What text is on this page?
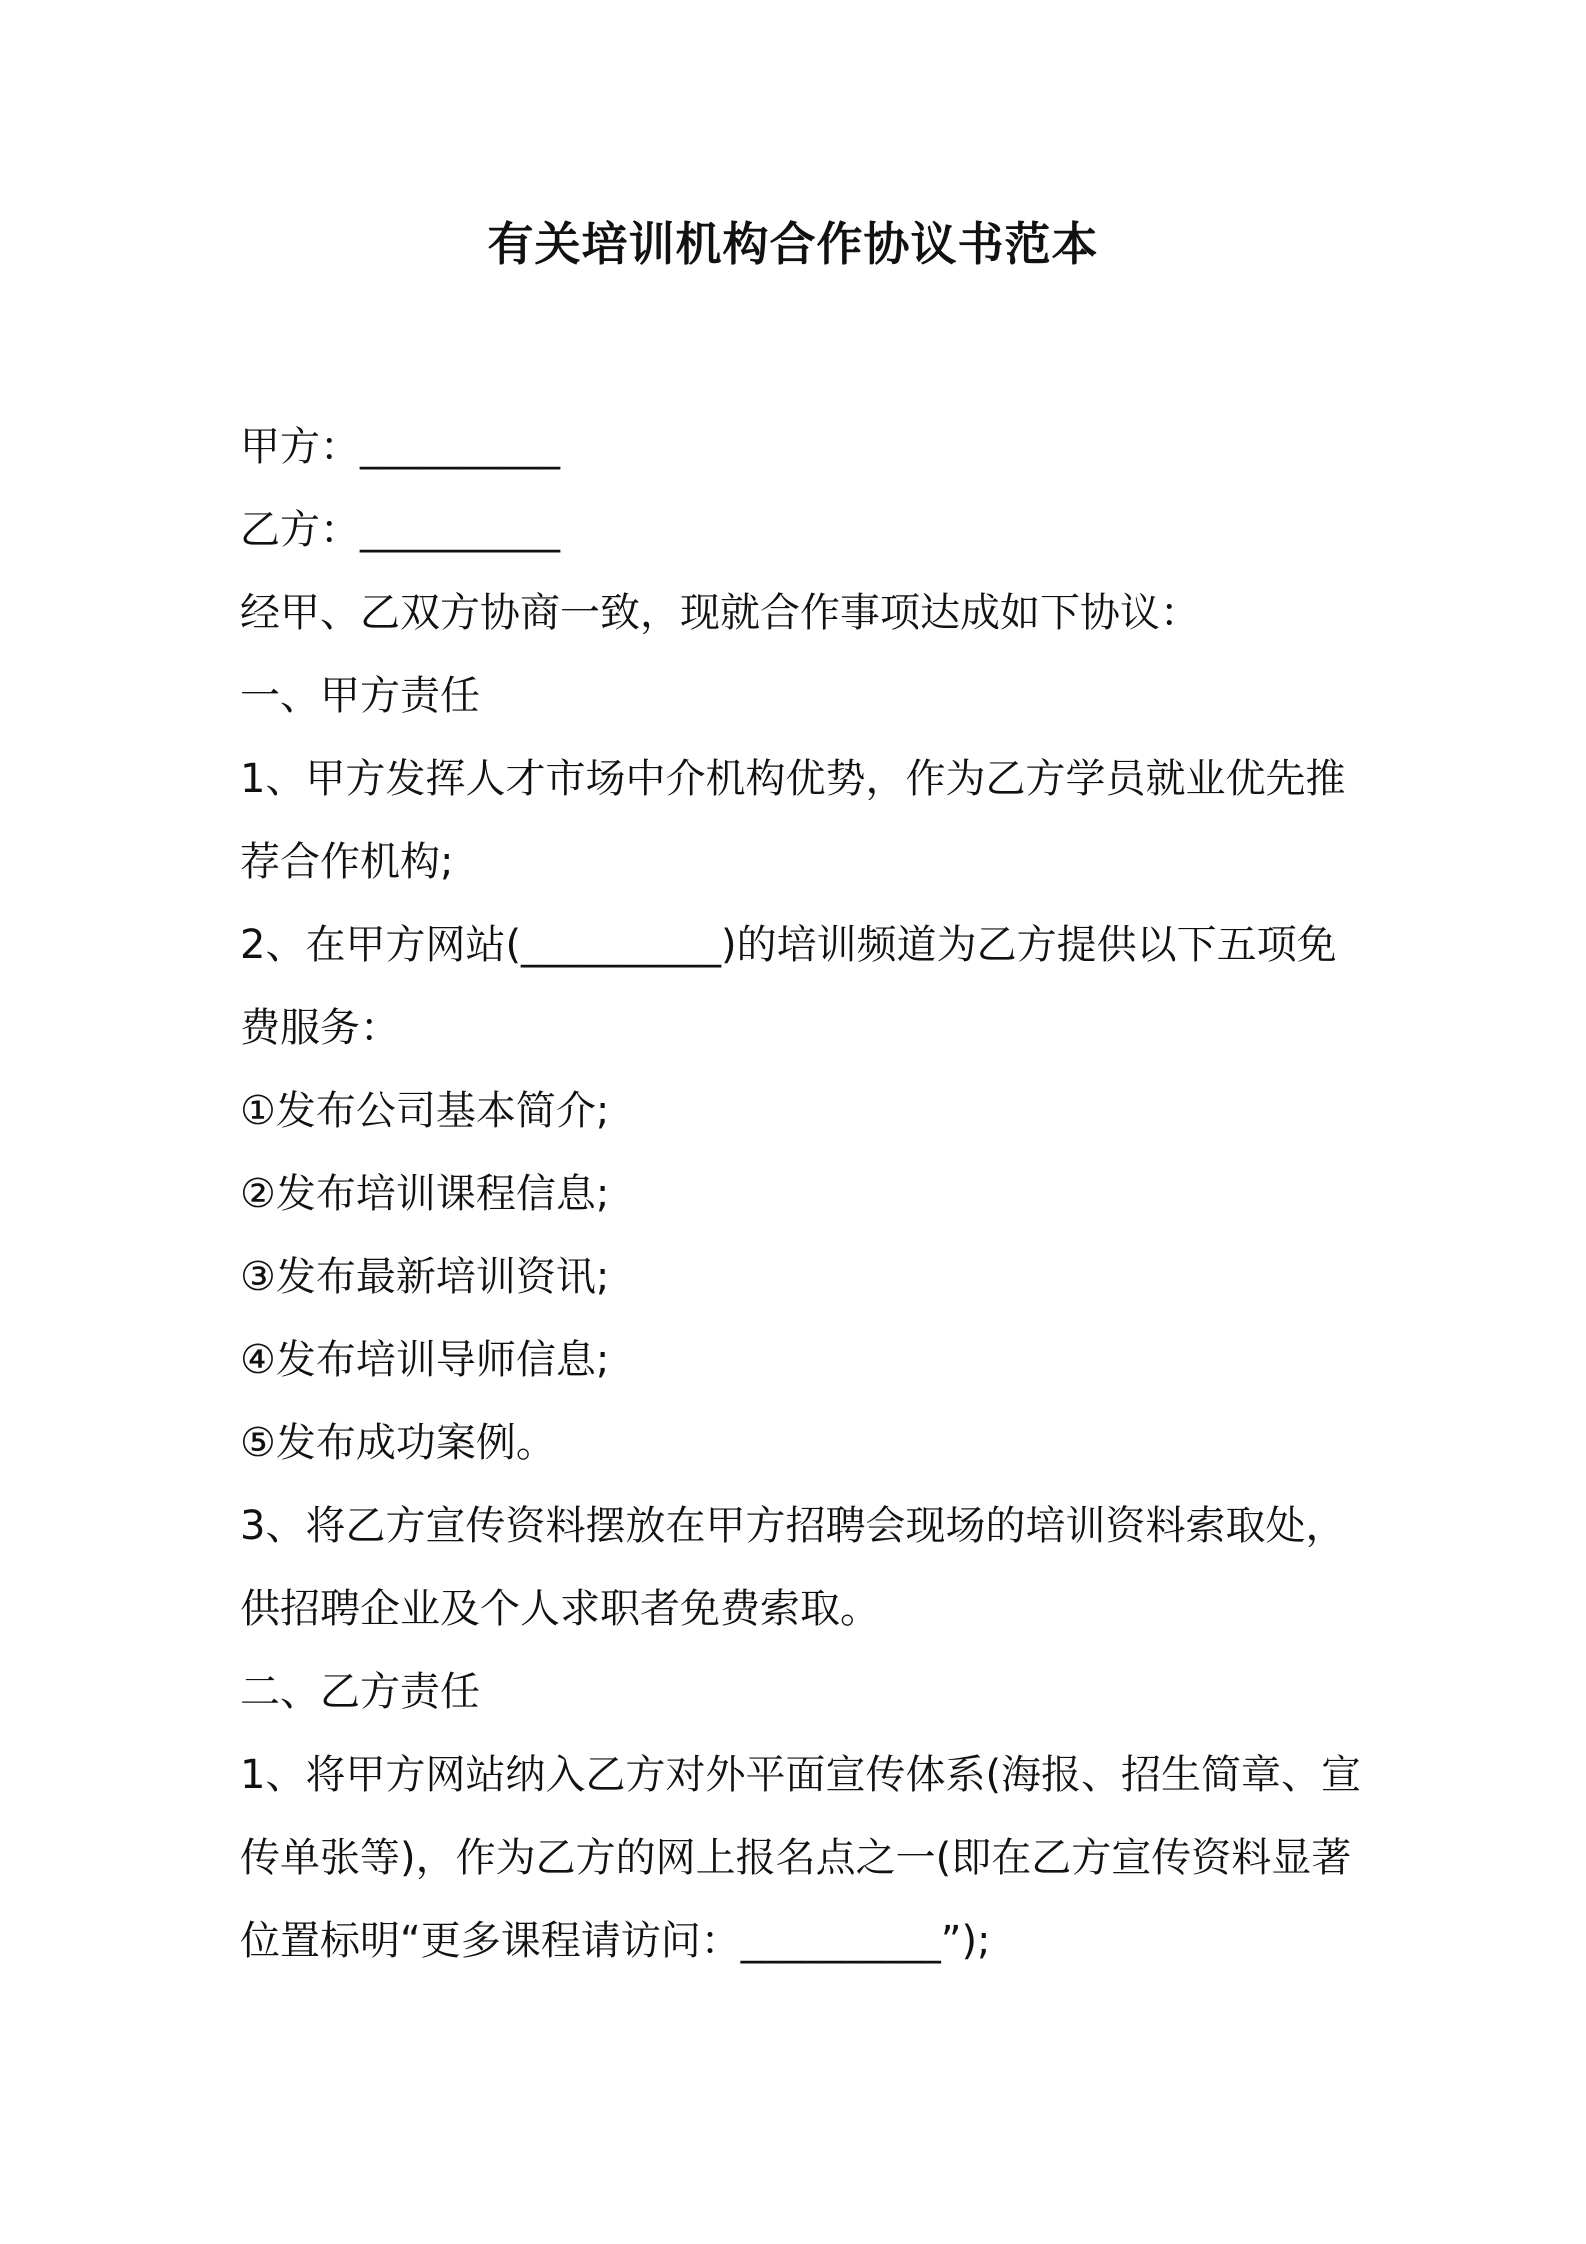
有关培训机构合作协议书范本
甲方：__________
乙方：__________
经甲、乙双方协商一致，现就合作事项达成如下协议：
一、甲方责任
1、甲方发挥人才市场中介机构优势，作为乙方学员就业优先推
荐合作机构;
2、在甲方网站(__________)的培训频道为乙方提供以下五项免
费服务：
①发布公司基本简介;
②发布培训课程信息;
③发布最新培训资讯;
④发布培训导师信息;
⑤发布成功案例。
3、将乙方宣传资料摆放在甲方招聘会现场的培训资料索取处，
供招聘企业及个人求职者免费索取。
二、乙方责任
1、将甲方网站纳入乙方对外平面宣传体系(海报、招生简章、宣
传单张等)，作为乙方的网上报名点之一(即在乙方宣传资料显著
位置标明“更多课程请访问：__________”);
